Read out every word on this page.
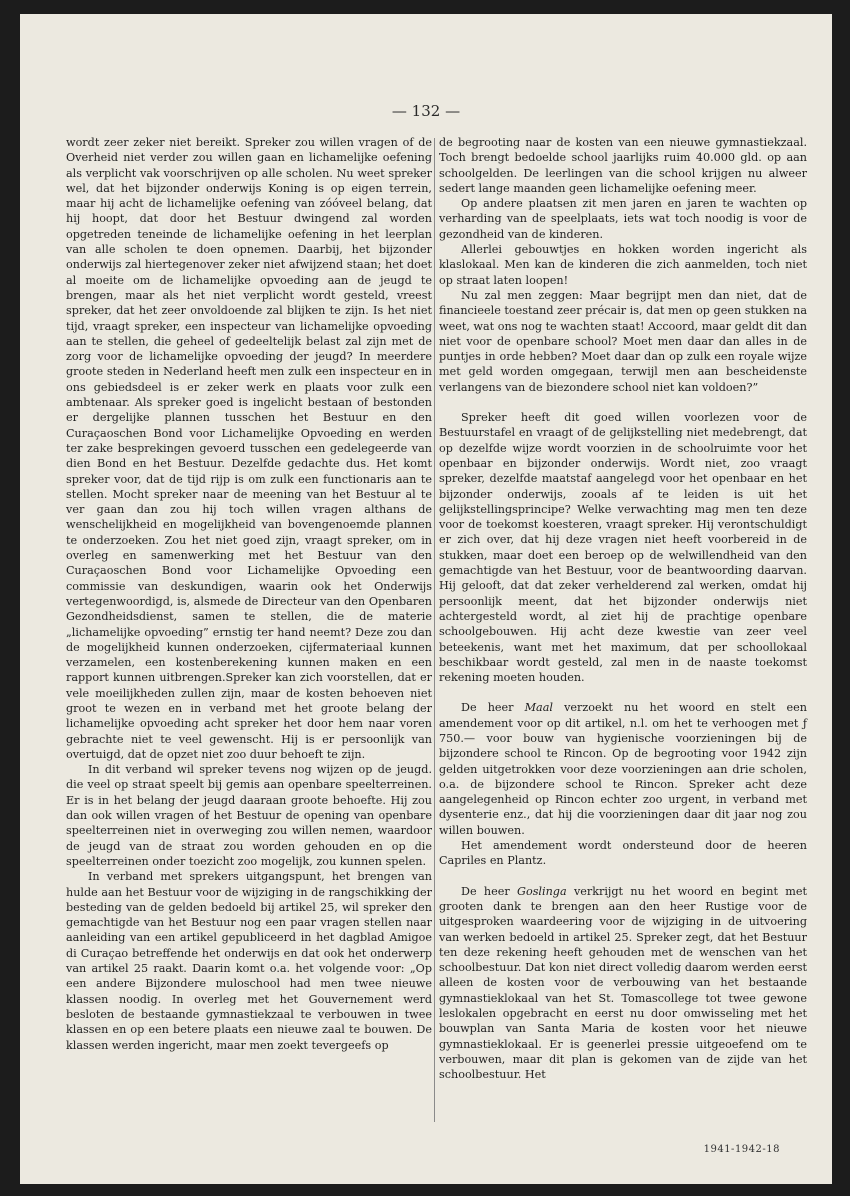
— 132 —

wordt zeer zeker niet bereikt. Spreker zou willen vragen of de Overheid niet verder zou willen gaan en lichamelijke oefening als verplicht vak voorschrijven op alle scholen. Nu weet spreker wel, dat het bijzonder onderwijs Koning is op eigen terrein, maar hij acht de lichamelijke oefening van zóóveel belang, dat hij hoopt, dat door het Bestuur dwingend zal worden opgetreden teneinde de lichamelijke oefening in het leerplan van alle scholen te doen opnemen. Daarbij, het bijzonder onderwijs zal hiertegenover zeker niet afwijzend staan; het doet al moeite om de lichamelijke opvoeding aan de jeugd te brengen, maar als het niet verplicht wordt gesteld, vreest spreker, dat het zeer onvoldoende zal blijken te zijn. Is het niet tijd, vraagt spreker, een inspecteur van lichamelijke opvoeding aan te stellen, die geheel of gedeeltelijk belast zal zijn met de zorg voor de lichamelijke opvoeding der jeugd? In meerdere groote steden in Nederland heeft men zulk een inspecteur en in ons gebiedsdeel is er zeker werk en plaats voor zulk een ambtenaar. Als spreker goed is ingelicht bestaan of bestonden er dergelijke plannen tusschen het Bestuur en den Curaçaoschen Bond voor Lichamelijke Opvoeding en werden ter zake besprekingen gevoerd tusschen een gedelegeerde van dien Bond en het Bestuur. Dezelfde gedachte dus. Het komt spreker voor, dat de tijd rijp is om zulk een functionaris aan te stellen. Mocht spreker naar de meening van het Bestuur al te ver gaan dan zou hij toch willen vragen althans de wenschelijkheid en mogelijkheid van bovengenoemde plannen te onderzoeken. Zou het niet goed zijn, vraagt spreker, om in overleg en samenwerking met het Bestuur van den Curaçaoschen Bond voor Lichamelijke Opvoeding een commissie van deskundigen, waarin ook het Onderwijs vertegenwoordigd, is, alsmede de Directeur van den Openbaren Gezondheidsdienst, samen te stellen, die de materie „lichamelijke opvoeding” ernstig ter hand neemt? Deze zou dan de mogelijkheid kunnen onderzoeken, cijfermateriaal kunnen verzamelen, een kostenberekening kunnen maken en een rapport kunnen uitbrengen.Spreker kan zich voorstellen, dat er vele moeilijkheden zullen zijn, maar de kosten behoeven niet groot te wezen en in verband met het groote belang der lichamelijke opvoeding acht spreker het door hem naar voren gebrachte niet te veel gewenscht. Hij is er persoonlijk van overtuigd, dat de opzet niet zoo duur behoeft te zijn.

In dit verband wil spreker tevens nog wijzen op de jeugd. die veel op straat speelt bij gemis aan openbare speelterreinen. Er is in het belang der jeugd daaraan groote behoefte. Hij zou dan ook willen vragen of het Bestuur de opening van openbare speelterreinen niet in overweging zou willen nemen, waardoor de jeugd van de straat zou worden gehouden en op die speelterreinen onder toezicht zoo mogelijk, zou kunnen spelen.

In verband met sprekers uitgangspunt, het brengen van hulde aan het Bestuur voor de wijziging in de rangschikking der besteding van de gelden bedoeld bij artikel 25, wil spreker den gemachtigde van het Bestuur nog een paar vragen stellen naar aanleiding van een artikel gepubliceerd in het dagblad Amigoe di Curaçao betreffende het onderwijs en dat ook het onderwerp van artikel 25 raakt. Daarin komt o.a. het volgende voor: „Op een andere Bijzondere muloschool had men twee nieuwe klassen noodig. In overleg met het Gouvernement werd besloten de bestaande gymnastiekzaal te verbouwen in twee klassen en op een betere plaats een nieuwe zaal te bouwen. De klassen werden ingericht, maar men zoekt tevergeefs op

de begrooting naar de kosten van een nieuwe gymnastiekzaal. Toch brengt bedoelde school jaarlijks ruim 40.000 gld. op aan schoolgelden. De leerlingen van die school krijgen nu alweer sedert lange maanden geen lichamelijke oefening meer.

Op andere plaatsen zit men jaren en jaren te wachten op verharding van de speelplaats, iets wat toch noodig is voor de gezondheid van de kinderen.

Allerlei gebouwtjes en hokken worden ingericht als klaslokaal. Men kan de kinderen die zich aanmelden, toch niet op straat laten loopen!

Nu zal men zeggen: Maar begrijpt men dan niet, dat de financieele toestand zeer précair is, dat men op geen stukken na weet, wat ons nog te wachten staat! Accoord, maar geldt dit dan niet voor de openbare school? Moet men daar dan alles in de puntjes in orde hebben? Moet daar dan op zulk een royale wijze met geld worden omgegaan, terwijl men aan bescheidenste verlangens van de biezondere school niet kan voldoen?”

Spreker heeft dit goed willen voorlezen voor de Bestuurstafel en vraagt of de gelijkstelling niet medebrengt, dat op dezelfde wijze wordt voorzien in de schoolruimte voor het openbaar en bijzonder onderwijs. Wordt niet, zoo vraagt spreker, dezelfde maatstaf aangelegd voor het openbaar en het bijzonder onderwijs, zooals af te leiden is uit het gelijkstellingsprincipe? Welke verwachting mag men ten deze voor de toekomst koesteren, vraagt spreker. Hij verontschuldigt er zich over, dat hij deze vragen niet heeft voorbereid in de stukken, maar doet een beroep op de welwillendheid van den gemachtigde van het Bestuur, voor de beantwoording daarvan. Hij gelooft, dat dat zeker verhelderend zal werken, omdat hij persoonlijk meent, dat het bijzonder onderwijs niet achtergesteld wordt, al ziet hij de prachtige openbare schoolgebouwen. Hij acht deze kwestie van zeer veel beteekenis, want met het maximum, dat per schoollokaal beschikbaar wordt gesteld, zal men in de naaste toekomst rekening moeten houden.

De heer Maal verzoekt nu het woord en stelt een amendement voor op dit artikel, n.l. om het te verhoogen met ƒ 750.— voor bouw van hygienische voorzieningen bij de bijzondere school te Rincon. Op de begrooting voor 1942 zijn gelden uitgetrokken voor deze voorzieningen aan drie scholen, o.a. de bijzondere school te Rincon. Spreker acht deze aangelegenheid op Rincon echter zoo urgent, in verband met dysenterie enz., dat hij die voorzieningen daar dit jaar nog zou willen bouwen.

Het amendement wordt ondersteund door de heeren Capriles en Plantz.

De heer Goslinga verkrijgt nu het woord en begint met grooten dank te brengen aan den heer Rustige voor de uitgesproken waardeering voor de wijziging in de uitvoering van werken bedoeld in artikel 25. Spreker zegt, dat het Bestuur ten deze rekening heeft gehouden met de wenschen van het schoolbestuur. Dat kon niet direct volledig daarom werden eerst alleen de kosten voor de verbouwing van het bestaande gymnastieklokaal van het St. Tomascollege tot twee gewone leslokalen opgebracht en eerst nu door omwisseling met het bouwplan van Santa Maria de kosten voor het nieuwe gymnastieklokaal. Er is geenerlei pressie uitgeoefend om te verbouwen, maar dit plan is gekomen van de zijde van het schoolbestuur. Het

1941-1942-18
